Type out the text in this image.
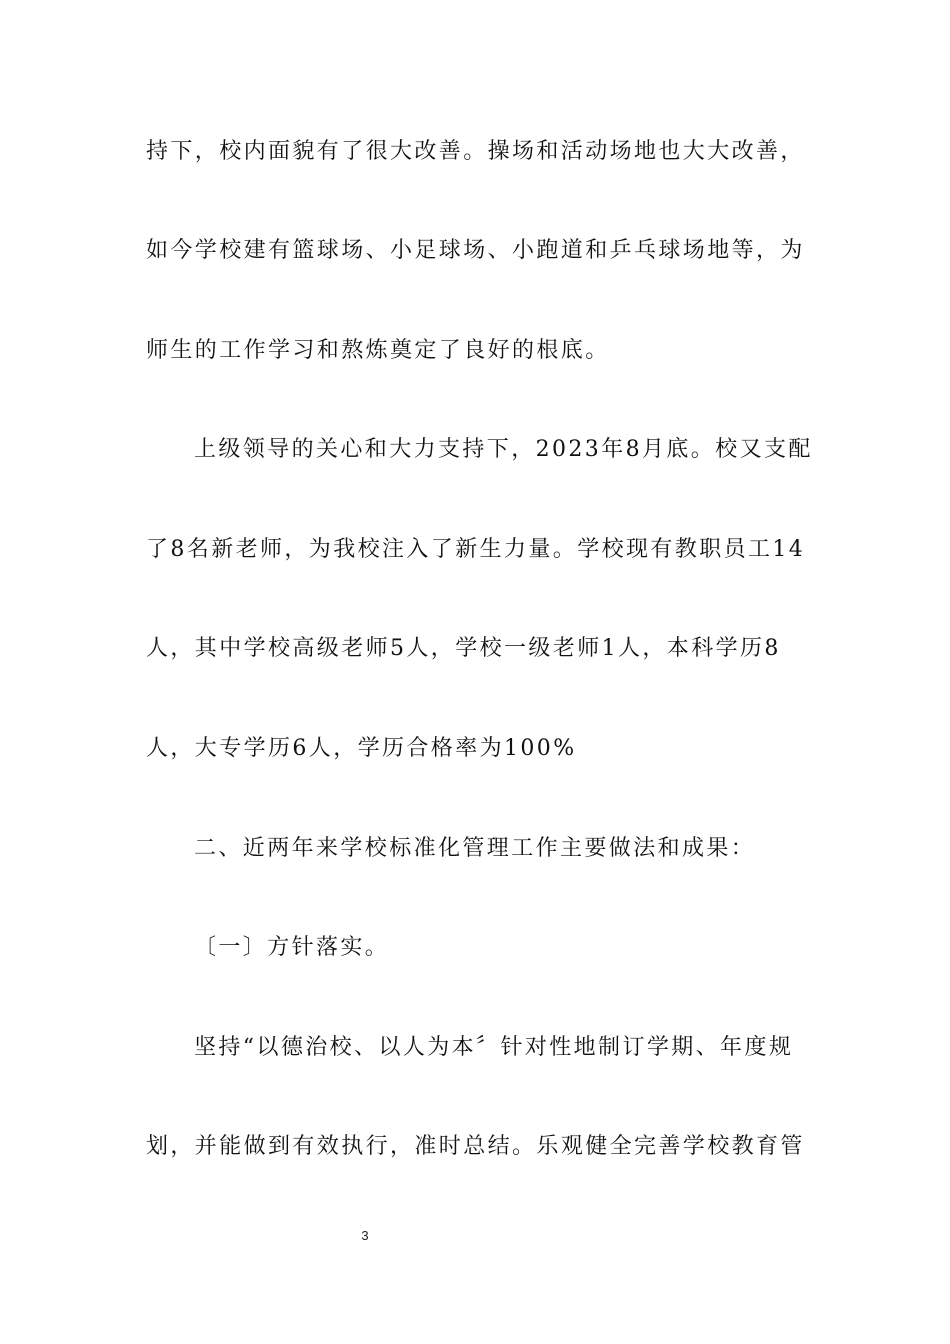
持下，校内面貌有了很大改善。操场和活动场地也大大改善，
如今学校建有篮球场、小足球场、小跑道和乒乓球场地等，为
师生的工作学习和熬炼奠定了良好的根底。
上级领导的关心和大力支持下，2023年8月底。校又支配
了8名新老师，为我校注入了新生力量。学校现有教职员工14
人，其中学校高级老师5人，学校一级老师1人，本科学历8
人，大专学历6人，学历合格率为100%
二、近两年来学校标准化管理工作主要做法和成果：
〔一〕方针落实。
坚持“以德治校、以人为本〞针对性地制订学期、年度规
划，并能做到有效执行，准时总结。乐观健全完善学校教育管
3
